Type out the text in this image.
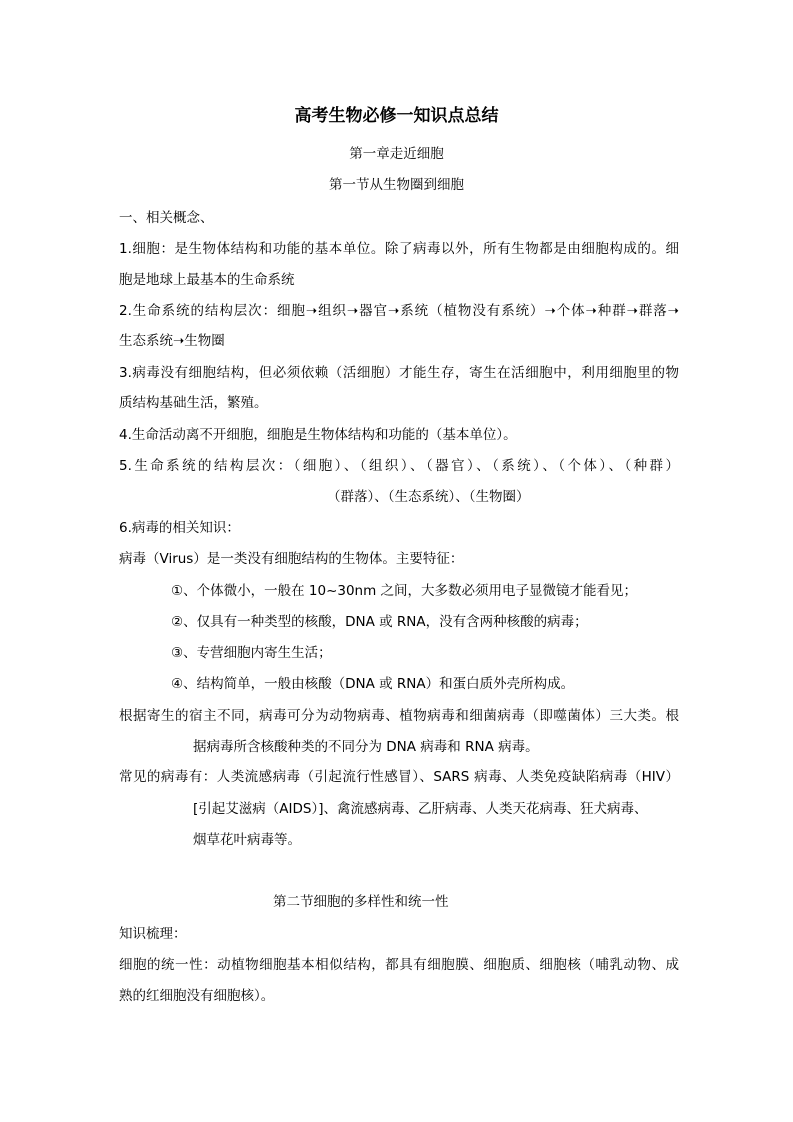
高考生物必修一知识点总结
第一章走近细胞
第一节从生物圈到细胞
一、相关概念、
1.细胞：是生物体结构和功能的基本单位。除了病毒以外，所有生物都是由细胞构成的。细
胞是地球上最基本的生命系统
2.生命系统的结构层次：细胞➝组织➝器官➝系统（植物没有系统）➝个体➝种群➝群落➝
生态系统➝生物圈
3.病毒没有细胞结构，但必须依赖（活细胞）才能生存，寄生在活细胞中，利用细胞里的物
质结构基础生活，繁殖。
4.生命活动离不开细胞，细胞是生物体结构和功能的（基本单位）。
5.生命系统的结构层次：（细胞）、（组织）、（器官）、（系统）、（个体）、（种群）
（群落）、（生态系统）、（生物圈）
6.病毒的相关知识：
病毒（Virus）是一类没有细胞结构的生物体。主要特征：
①、个体微小，一般在 10~30nm 之间，大多数必须用电子显微镜才能看见；
②、仅具有一种类型的核酸，DNA 或 RNA，没有含两种核酸的病毒；
③、专营细胞内寄生生活；
④、结构简单，一般由核酸（DNA 或 RNA）和蛋白质外壳所构成。
根据寄生的宿主不同，病毒可分为动物病毒、植物病毒和细菌病毒（即噬菌体）三大类。根
据病毒所含核酸种类的不同分为 DNA 病毒和 RNA 病毒。
常见的病毒有：人类流感病毒（引起流行性感冒）、SARS 病毒、人类免疫缺陷病毒（HIV）
[引起艾滋病（AIDS）]、禽流感病毒、乙肝病毒、人类天花病毒、狂犬病毒、
烟草花叶病毒等。
第二节细胞的多样性和统一性
知识梳理：
细胞的统一性：动植物细胞基本相似结构，都具有细胞膜、细胞质、细胞核（哺乳动物、成
熟的红细胞没有细胞核）。
